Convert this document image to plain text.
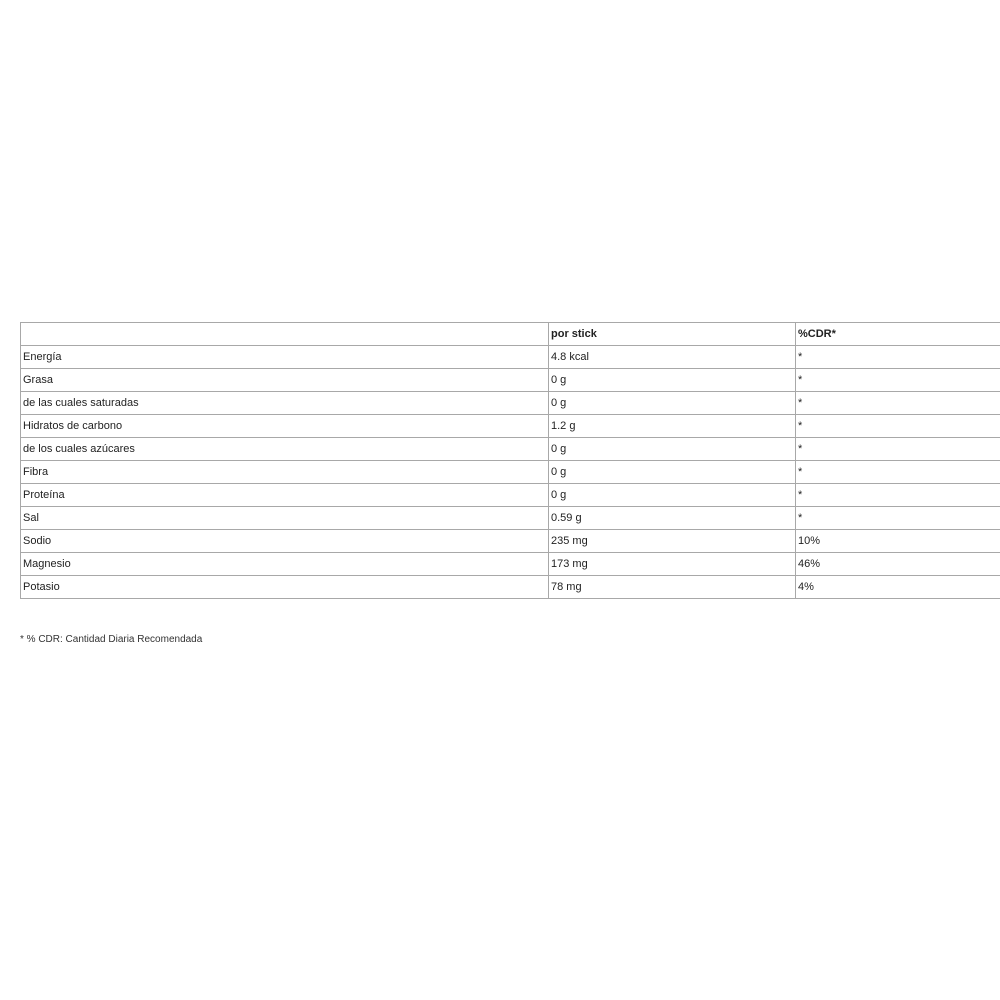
	por stick	%CDR*
Energía	4.8 kcal	*
Grasa	0 g	*
de las cuales saturadas	0 g	*
Hidratos de carbono	1.2 g	*
de los cuales azúcares	0 g	*
Fibra	0 g	*
Proteína	0 g	*
Sal	0.59 g	*
Sodio	235 mg	10%
Magnesio	173 mg	46%
Potasio	78 mg	4%
* % CDR: Cantidad Diaria Recomendada
